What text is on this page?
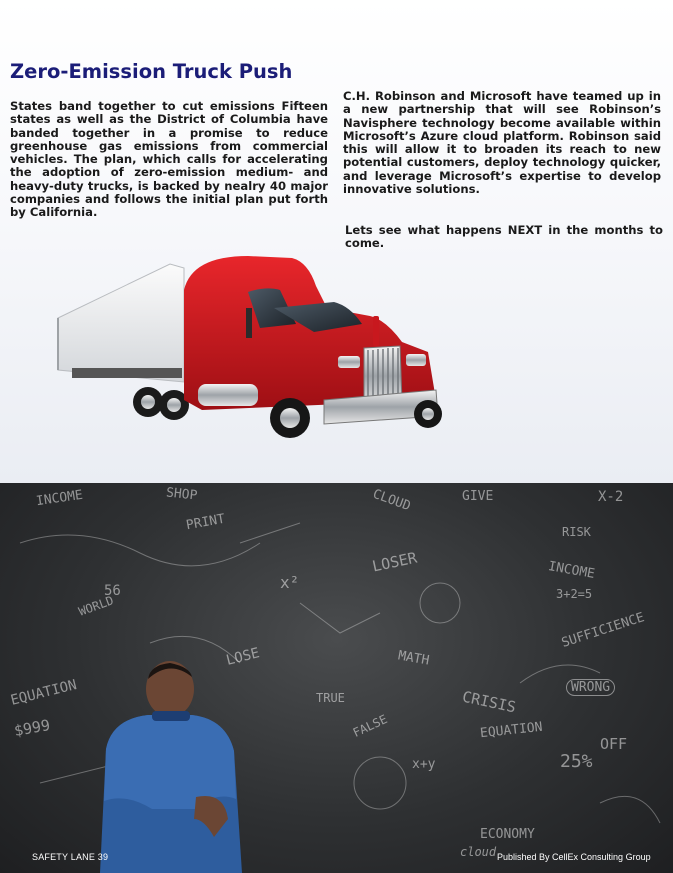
Zero-Emission Truck Push

States band together to cut emissions Fifteen states as well as the District of Columbia have banded together in a promise to reduce greenhouse gas emissions from commercial vehicles. The plan, which calls for accelerating the adoption of zero-emission medium- and heavy-duty trucks, is backed by nealry 40 major companies and follows the initial plan put forth by California.

C.H. Robinson and Microsoft have teamed up in a new partnership that will see Robinson’s Navisphere technology become available within Microsoft’s Azure cloud platform. Robinson said this will allow it to broaden its reach to new potential customers, deploy technology quicker, and leverage Microsoft’s expertise to develop innovative solutions.

Lets see what happens NEXT in the months to come.

INCOME	SHOP
PRINT
CLOUD	GIVE
RISK
LOSER	INCOME
EQUATION
WORLD
LOSE
TRUE
FALSE
MATH
CRISIS
SUFFICIENCE
WRONG
EQUATION
OFF
ECONOMY
X-2
3+2=5
25%
$999
x+y
x²
cloud
56
SAFETY LANE 39	Published By CellEx Consulting Group
